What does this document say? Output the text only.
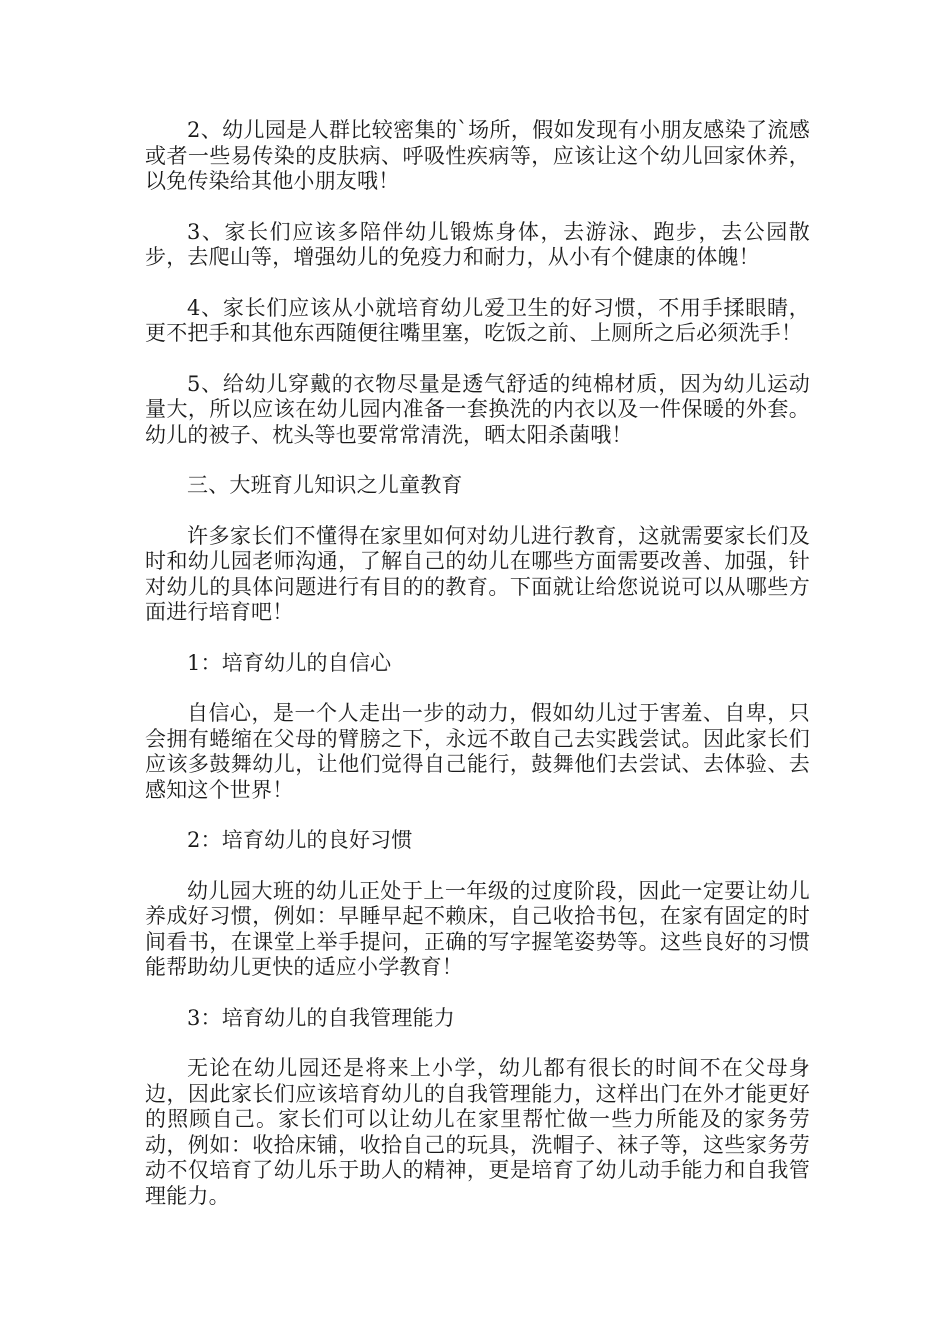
2、幼儿园是人群比较密集的`场所，假如发现有小朋友感染了流感或者一些易传染的皮肤病、呼吸性疾病等，应该让这个幼儿回家休养，以免传染给其他小朋友哦！

3、家长们应该多陪伴幼儿锻炼身体，去游泳、跑步，去公园散步，去爬山等，增强幼儿的免疫力和耐力，从小有个健康的体魄！

4、家长们应该从小就培育幼儿爱卫生的好习惯，不用手揉眼睛，更不把手和其他东西随便往嘴里塞，吃饭之前、上厕所之后必须洗手！

5、给幼儿穿戴的衣物尽量是透气舒适的纯棉材质，因为幼儿运动量大，所以应该在幼儿园内准备一套换洗的内衣以及一件保暖的外套。幼儿的被子、枕头等也要常常清洗，晒太阳杀菌哦！

三、大班育儿知识之儿童教育

许多家长们不懂得在家里如何对幼儿进行教育，这就需要家长们及时和幼儿园老师沟通，了解自己的幼儿在哪些方面需要改善、加强，针对幼儿的具体问题进行有目的的教育。下面就让给您说说可以从哪些方面进行培育吧！

1：培育幼儿的自信心

自信心，是一个人走出一步的动力，假如幼儿过于害羞、自卑，只会拥有蜷缩在父母的臂膀之下，永远不敢自己去实践尝试。因此家长们应该多鼓舞幼儿，让他们觉得自己能行，鼓舞他们去尝试、去体验、去感知这个世界！

2：培育幼儿的良好习惯

幼儿园大班的幼儿正处于上一年级的过度阶段，因此一定要让幼儿养成好习惯，例如：早睡早起不赖床，自己收拾书包，在家有固定的时间看书，在课堂上举手提问，正确的写字握笔姿势等。这些良好的习惯能帮助幼儿更快的适应小学教育！

3：培育幼儿的自我管理能力

无论在幼儿园还是将来上小学，幼儿都有很长的时间不在父母身边，因此家长们应该培育幼儿的自我管理能力，这样出门在外才能更好的照顾自己。家长们可以让幼儿在家里帮忙做一些力所能及的家务劳动，例如：收拾床铺，收拾自己的玩具，洗帽子、袜子等，这些家务劳动不仅培育了幼儿乐于助人的精神，更是培育了幼儿动手能力和自我管理能力。
